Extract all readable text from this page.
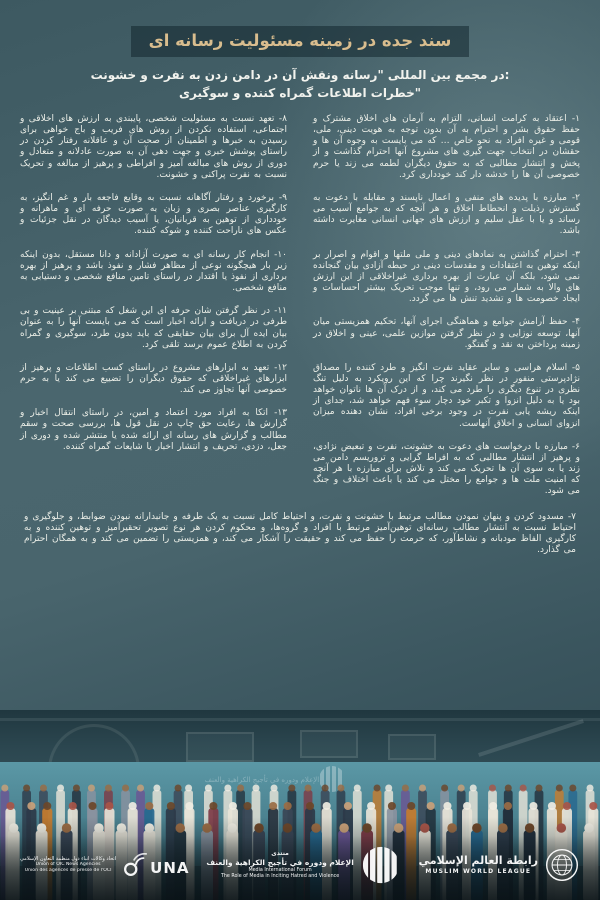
سند جده در زمینه مسئولیت رسانه ای
در مجمع بین المللی "رسانه ونقش آن در دامن زدن به نفرت و خشونت:
خطرات اطلاعات گمراه کننده و سوگیری"

۱- اعتقاد به کرامت انسانی، التزام به آرمان های اخلاق مشترک و حفظ حقوق بشر و احترام به آن بدون توجه به هویت دینی، ملی، قومی و غیره افراد به نحو خاص … که می بایست به وجوه آن ها و حقشان در انتخاب جهت گیری های مشروع آنها احترام گذاشت و از پخش و انتشار مطالبی که به حقوق دیگران لطمه می زند یا حرم خصوصی آن ها را خدشه دار کند خودداری کرد.

۲- مبارزه با پدیده های منفی و اعمال ناپسند و مقابله با دعوت به گسترش رذیلت و انحطاط اخلاق و هر آنچه که به جوامع آسیب می رساند و یا با عقل سلیم و ارزش های جهانی انسانی مغایرت داشته باشد.

۳- احترام گذاشتن به نمادهای دینی و ملی ملتها و اقوام و اصرار بر اینکه توهین به اعتقادات و مقدسات دینی در حیطه آزادی بیان گنجانده نمی شود، بلکه آن عبارت از بهره برداری غیراخلاقی از این ارزش های والا به شمار می رود، و تنها موجب تحریک بیشتر احساسات و ایجاد خصومت ها و تشدید تنش ها می گردد.

۴- حفظ آرامش جوامع و هماهنگی اجرای آنها، تحکیم همزیستی میان آنها، توسعه نوزایی و در نظر گرفتن موازین علمی، عینی و اخلاق در زمینه پرداختن به نقد و گفتگو.

۵- اسلام هراسی و سایر عقاید نفرت انگیز و طرد کننده را مصداق نژادپرستی منفور در نظر نگیرند چرا که این رویکرد به دلیل تنگ نظری در تنوع دیگری را طرد می کند، و از درک آن ها ناتوان خواهد بود یا به دلیل انزوا و تکبر خود دچار سوء فهم خواهد شد، جدای از اینکه ریشه یابی نفرت در وجود برخی افراد، نشان دهنده میزان انزوای انسانی و اخلاق آنهاست.

۶- مبارزه با درخواست های دعوت به خشونت، نفرت و تبعیض نژادی، و پرهیز از انتشار مطالبی که به افراط گرایی و تروریسم دامن می زند یا به سوی آن ها تحریک می کند و تلاش برای مبارزه با هر آنچه که امنیت ملت ها و جوامع را مختل می کند یا باعث اختلاف و جنگ می شود.

۸- تعهد نسبت به مسئولیت شخصی، پایبندی به ارزش های اخلاقی و اجتماعی، استفاده نکردن از روش های فریب و باج خواهی برای رسیدن به خبرها و اطمینان از صحت آن و عاقلانه رفتار کردن در راستای پوشش خبری و جهت دهی آن به صورت عادلانه و متعادل و دوری از روش های مبالغه آمیز و افراطی و پرهیز از مبالغه و تحریک نسبت به نفرت پراکنی و خشونت.

۹- برخورد و رفتار آگاهانه نسبت به وقایع فاجعه بار و غم انگیز، به کارگیری عناصر بصری و زبان به صورت حرفه ای و ماهرانه و خودداری از توهین به قربانیان، یا آسیب دیدگان در نقل جزئیات و عکس های ناراحت کننده و شوکه کننده.

۱۰- انجام کار رسانه ای به صورت آزادانه و دانا مستقل، بدون اینکه زیر بار هیچگونه نوعی از مظاهر فشار و نفوذ باشد و پرهیز از بهره برداری از نفوذ یا اقتدار در راستای تامین منافع شخصی و دستیابی به منافع شخصی.

۱۱- در نظر گرفتن شان حرفه ای این شغل که مبتنی بر عینیت و بی طرفی در دریافت و ارائه اخبار است که می بایست آنها را به عنوان بیان ایده آل برای بیان حقایقی که باید بدون طرد، سوگیری و گمراه کردن به اطلاع عموم برسد تلقی کرد.

۱۲- تعهد به ابزارهای مشروع در راستای کسب اطلاعات و پرهیز از ابزارهای غیراخلاقی که حقوق دیگران را تضییع می کند یا به حرم خصوصی آنها تجاوز می کند.

۱۳- اتکا به افراد مورد اعتماد و امین، در راستای انتقال اخبار و گزارش ها، رعایت حق چاپ در نقل قول ها، بررسی صحت و سقم مطالب و گزارش های رسانه ای ارائه شده یا منتشر شده و دوری از جعل، دزدی، تحریف و انتشار اخبار یا شایعات گمراه کننده.

۷- مسدود کردن و پنهان نمودن مطالب مرتبط با خشونت و نفرت، و احتیاط کامل نسبت به یک طرفه و جانبدارانه نبودن ضوابط، و جلوگیری و احتیاط نسبت به انتشار مطالب رسانه‌ای توهین‌آمیز مرتبط با افراد و گروه‌ها، و محکوم کردن هر نوع تصویر تحقیرآمیز و توهین کننده و به کارگیری الفاظ مودبانه و نشاط‌آور، که حرمت را حفظ می کند و حقیقت را آشکار می کند، و همزیستی را تضمین می کند و به همگان احترام می گذارد.

الإعلام ودوره في تأجيج الكراهية والعنف
اتحاد وكالات أنباء دول منظمة التعاون الإسلامي
Union of OIC News Agencies
Union des agences de presse de l'OCI	UNA
منتدى
الإعلام ودوره في تأجيج الكراهية والعنف
Media International Forum
The Role of Media in Inciting Hatred and Violence
رابطة العالم الإسلامي
MUSLIM WORLD LEAGUE
